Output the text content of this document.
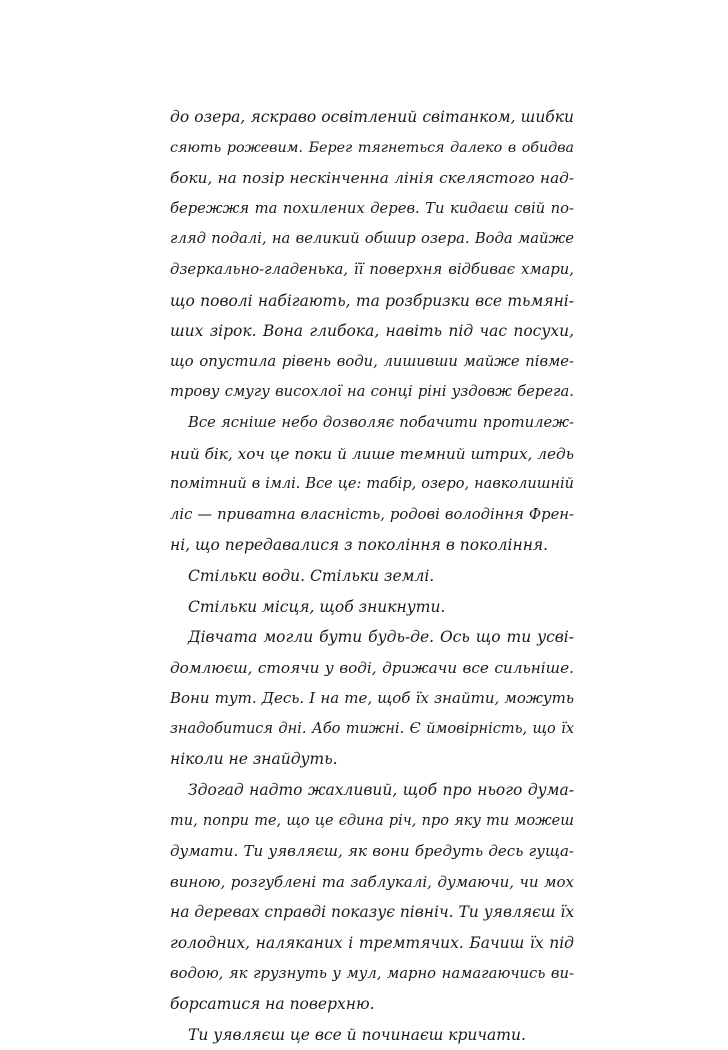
до озера, яскраво освітлений світанком, шибки
сяють рожевим. Берег тягнеться далеко в обидва
боки, на позір нескінченна лінія скелястого над-
бережжя та похилених дерев. Ти кидаєш свій по-
гляд подалі, на великий обшир озера. Вода майже
дзеркально-гладенька, її поверхня відбиває хмари,
що поволі набігають, та розбризки все тьмяні-
ших зірок. Вона глибока, навіть під час посухи,
що опустила рівень води, лишивши майже півме-
трову смугу висохлої на сонці ріні уздовж берега.
Все ясніше небо дозволяє побачити протилеж-
ний бік, хоч це поки й лише темний штрих, ледь
помітний в імлі. Все це: табір, озеро, навколишній
ліс — приватна власність, родові володіння Френ-
ні, що передавалися з покоління в покоління.
Стільки води. Стільки землі.
Стільки місця, щоб зникнути.
Дівчата могли бути будь-де. Ось що ти усві-
домлюєш, стоячи у воді, дрижачи все сильніше.
Вони тут. Десь. І на те, щоб їх знайти, можуть
знадобитися дні. Або тижні. Є ймовірність, що їх
ніколи не знайдуть.
Здогад надто жахливий, щоб про нього дума-
ти, попри те, що це єдина річ, про яку ти можеш
думати. Ти уявляєш, як вони бредуть десь гуща-
виною, розгублені та заблукалі, думаючи, чи мох
на деревах справді показує північ. Ти уявляєш їх
голодних, наляканих і тремтячих. Бачиш їх під
водою, як грузнуть у мул, марно намагаючись ви-
борсатися на поверхню.
Ти уявляєш це все й починаєш кричати.
